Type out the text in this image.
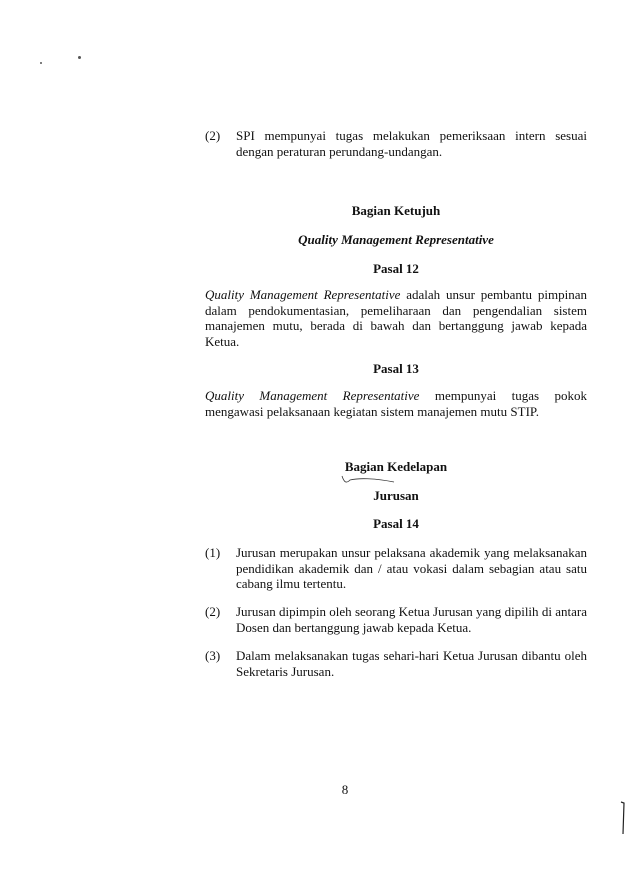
(2) SPI mempunyai tugas melakukan pemeriksaan intern sesuai dengan peraturan perundang-undangan.
Bagian Ketujuh
Quality Management Representative
Pasal 12
Quality Management Representative adalah unsur pembantu pimpinan dalam pendokumentasian, pemeliharaan dan pengendalian sistem manajemen mutu, berada di bawah dan bertanggung jawab kepada Ketua.
Pasal 13
Quality Management Representative mempunyai tugas pokok mengawasi pelaksanaan kegiatan sistem manajemen mutu STIP.
Bagian Kedelapan
Jurusan
Pasal 14
(1) Jurusan merupakan unsur pelaksana akademik yang melaksanakan pendidikan akademik dan / atau vokasi dalam sebagian atau satu cabang ilmu tertentu.
(2) Jurusan dipimpin oleh seorang Ketua Jurusan yang dipilih di antara Dosen dan bertanggung jawab kepada Ketua.
(3) Dalam melaksanakan tugas sehari-hari Ketua Jurusan dibantu oleh Sekretaris Jurusan.
8
